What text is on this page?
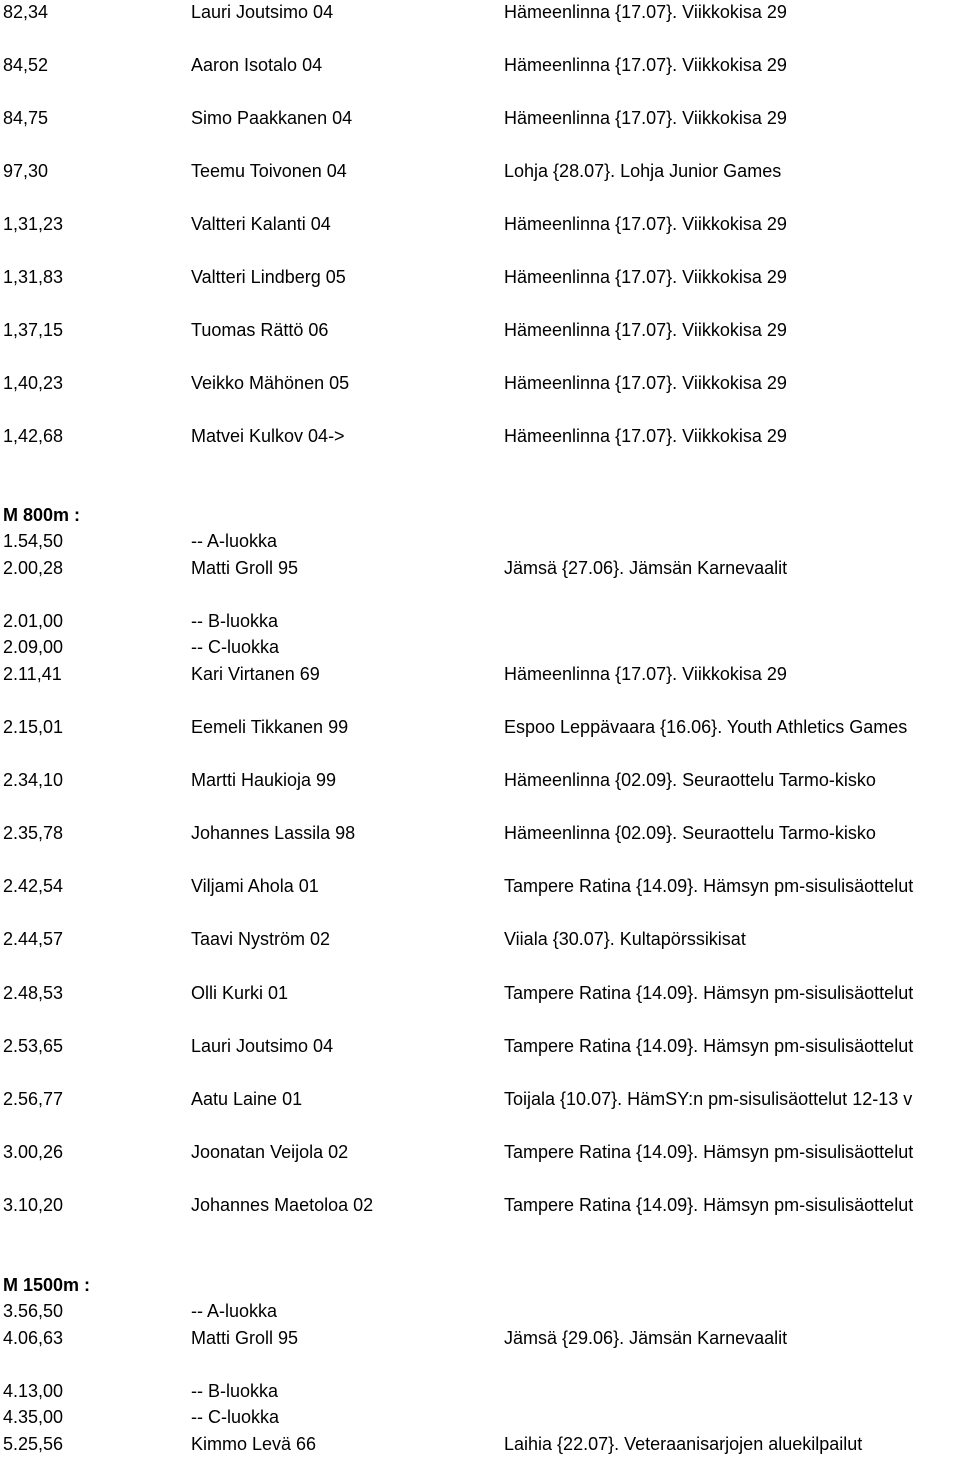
82,34	Lauri Joutsimo 04	Hämeenlinna {17.07}. Viikkokisa 29
84,52	Aaron Isotalo 04	Hämeenlinna {17.07}. Viikkokisa 29
84,75	Simo Paakkanen 04	Hämeenlinna {17.07}. Viikkokisa 29
97,30	Teemu Toivonen 04	Lohja {28.07}. Lohja Junior Games
1,31,23	Valtteri Kalanti 04	Hämeenlinna {17.07}. Viikkokisa 29
1,31,83	Valtteri Lindberg 05	Hämeenlinna {17.07}. Viikkokisa 29
1,37,15	Tuomas Rättö 06	Hämeenlinna {17.07}. Viikkokisa 29
1,40,23	Veikko Mähönen 05	Hämeenlinna {17.07}. Viikkokisa 29
1,42,68	Matvei Kulkov 04->	Hämeenlinna {17.07}. Viikkokisa 29
M 800m :
1.54,50	-- A-luokka
2.00,28	Matti Groll 95	Jämsä {27.06}. Jämsän Karnevaalit
2.01,00	-- B-luokka
2.09,00	-- C-luokka
2.11,41	Kari Virtanen 69	Hämeenlinna {17.07}. Viikkokisa 29
2.15,01	Eemeli Tikkanen 99	Espoo Leppävaara {16.06}. Youth Athletics Games
2.34,10	Martti Haukioja 99	Hämeenlinna {02.09}. Seuraottelu Tarmo-kisko
2.35,78	Johannes Lassila 98	Hämeenlinna {02.09}. Seuraottelu Tarmo-kisko
2.42,54	Viljami Ahola 01	Tampere Ratina {14.09}. Hämsyn pm-sisulisäottelut
2.44,57	Taavi Nyström 02	Viiala {30.07}. Kultapörssikisat
2.48,53	Olli Kurki 01	Tampere Ratina {14.09}. Hämsyn pm-sisulisäottelut
2.53,65	Lauri Joutsimo 04	Tampere Ratina {14.09}. Hämsyn pm-sisulisäottelut
2.56,77	Aatu Laine 01	Toijala {10.07}. HämSY:n pm-sisulisäottelut 12-13 v
3.00,26	Joonatan Veijola 02	Tampere Ratina {14.09}. Hämsyn pm-sisulisäottelut
3.10,20	Johannes Maetoloa 02	Tampere Ratina {14.09}. Hämsyn pm-sisulisäottelut
M 1500m :
3.56,50	-- A-luokka
4.06,63	Matti Groll 95	Jämsä {29.06}. Jämsän Karnevaalit
4.13,00	-- B-luokka
4.35,00	-- C-luokka
5.25,56	Kimmo Levä 66	Laihia {22.07}. Veteraanisarjojen aluekilpailut
